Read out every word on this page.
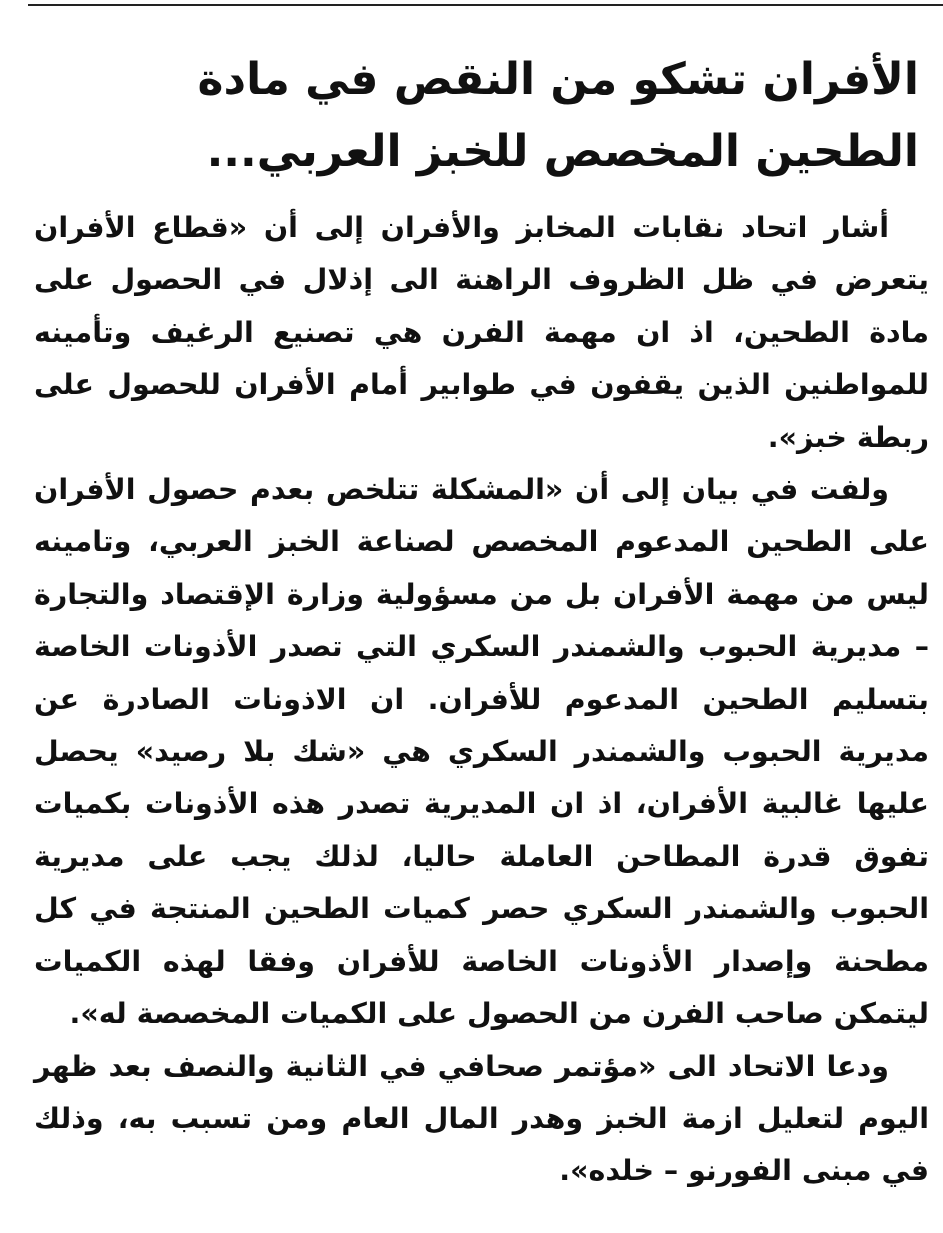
الأفران تشكو من النقص في مادة
الطحين المخصص للخبز العربي...

أشار اتحاد نقابات المخابز والأفران إلى أن «قطاع الأفران يتعرض في ظل الظروف الراهنة الى إذلال في الحصول على مادة الطحين، اذ ان مهمة الفرن هي تصنيع الرغيف وتأمينه للمواطنين الذين يقفون في طوابير أمام الأفران للحصول على ربطة خبز».

ولفت في بيان إلى أن «المشكلة تتلخص بعدم حصول الأفران على الطحين المدعوم المخصص لصناعة الخبز العربي، وتامينه ليس من مهمة الأفران بل من مسؤولية وزارة الإقتصاد والتجارة – مديرية الحبوب والشمندر السكري التي تصدر الأذونات الخاصة بتسليم الطحين المدعوم للأفران. ان الاذونات الصادرة عن مديرية الحبوب والشمندر السكري هي «شك بلا رصيد» يحصل عليها غالبية الأفران، اذ ان المديرية تصدر هذه الأذونات بكميات تفوق قدرة المطاحن العاملة حاليا، لذلك يجب على مديرية الحبوب والشمندر السكري حصر كميات الطحين المنتجة في كل مطحنة وإصدار الأذونات الخاصة للأفران وفقا لهذه الكميات ليتمكن صاحب الفرن من الحصول على الكميات المخصصة له».

ودعا الاتحاد الى «مؤتمر صحافي في الثانية والنصف بعد ظهر اليوم لتعليل ازمة الخبز وهدر المال العام ومن تسبب به، وذلك في مبنى الفورنو – خلده».
